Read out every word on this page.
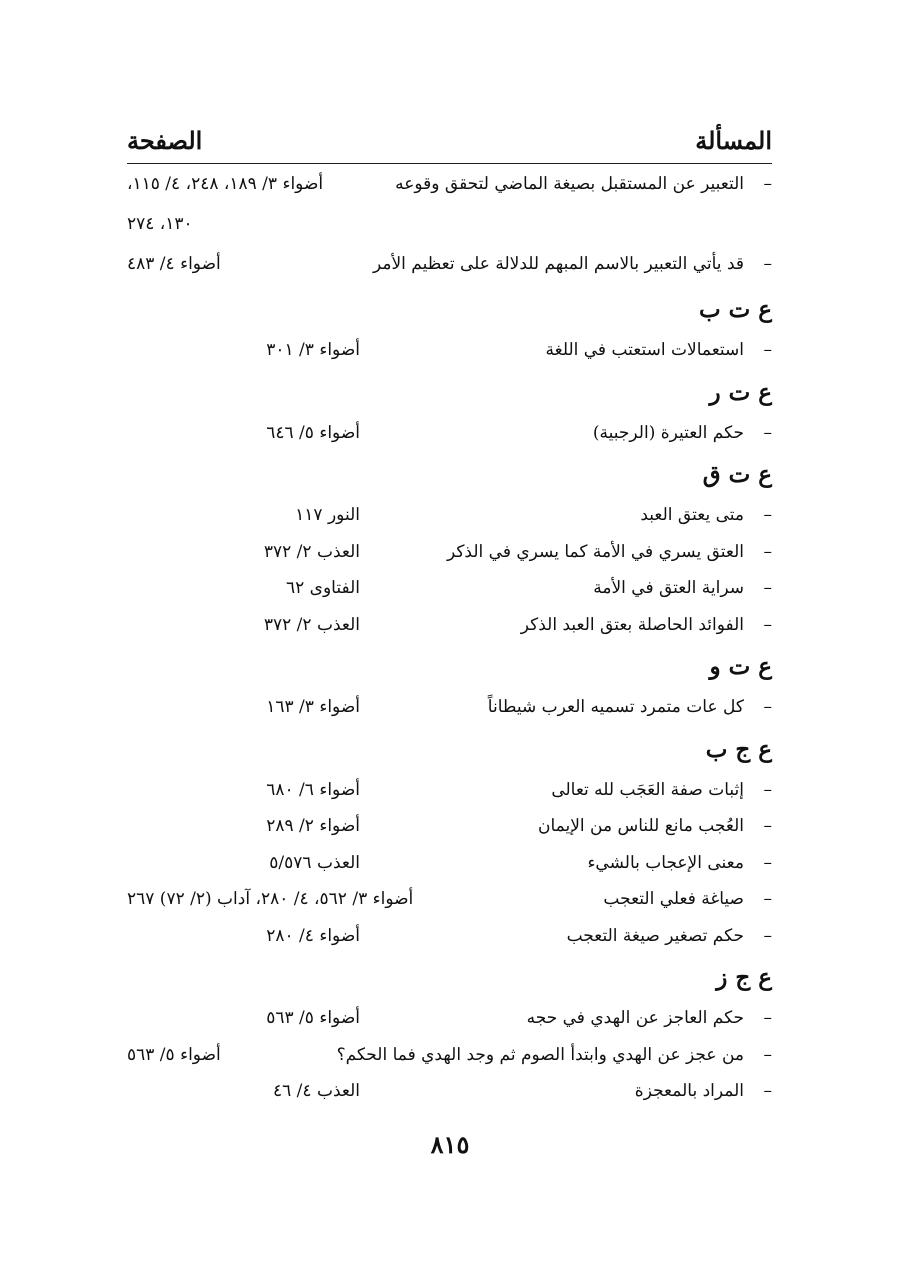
المسألة
الصفحة
–
التعبير عن المستقبل بصيغة الماضي لتحقق وقوعه
أضواء ٣/ ١٨٩، ٢٤٨، ٤/ ١١٥،
١٣٠، ٢٧٤
–
قد يأتي التعبير بالاسم المبهم للدلالة على تعظيم الأمر
أضواء ٤/ ٤٨٣
ع ت ب
–
استعمالات استعتب في اللغة
أضواء ٣/ ٣٠١
ع ت ر
–
حكم العتيرة (الرجبية)
أضواء ٥/ ٦٤٦
ع ت ق
–
متى يعتق العبد
النور ١١٧
–
العتق يسري في الأمة كما يسري في الذكر
العذب ٢/ ٣٧٢
–
سراية العتق في الأمة
الفتاوى ٦٢
–
الفوائد الحاصلة بعتق العبد الذكر
العذب ٢/ ٣٧٢
ع ت و
–
كل عات متمرد تسميه العرب شيطاناً
أضواء ٣/ ١٦٣
ع ج ب
–
إثبات صفة العَجَب لله تعالى
أضواء ٦/ ٦٨٠
–
العُجب مانع للناس من الإيمان
أضواء ٢/ ٢٨٩
–
معنى الإعجاب بالشيء
العذب ٥/٥٧٦
–
صياغة فعلي التعجب
أضواء ٣/ ٥٦٢، ٤/ ٢٨٠، آداب (٢/ ٧٢) ٢٦٧
–
حكم تصغير صيغة التعجب
أضواء ٤/ ٢٨٠
ع ج ز
–
حكم العاجز عن الهدي في حجه
أضواء ٥/ ٥٦٣
–
من عجز عن الهدي وابتدأ الصوم ثم وجد الهدي فما الحكم؟
أضواء ٥/ ٥٦٣
–
المراد بالمعجزة
العذب ٤/ ٤٦
٨١٥
